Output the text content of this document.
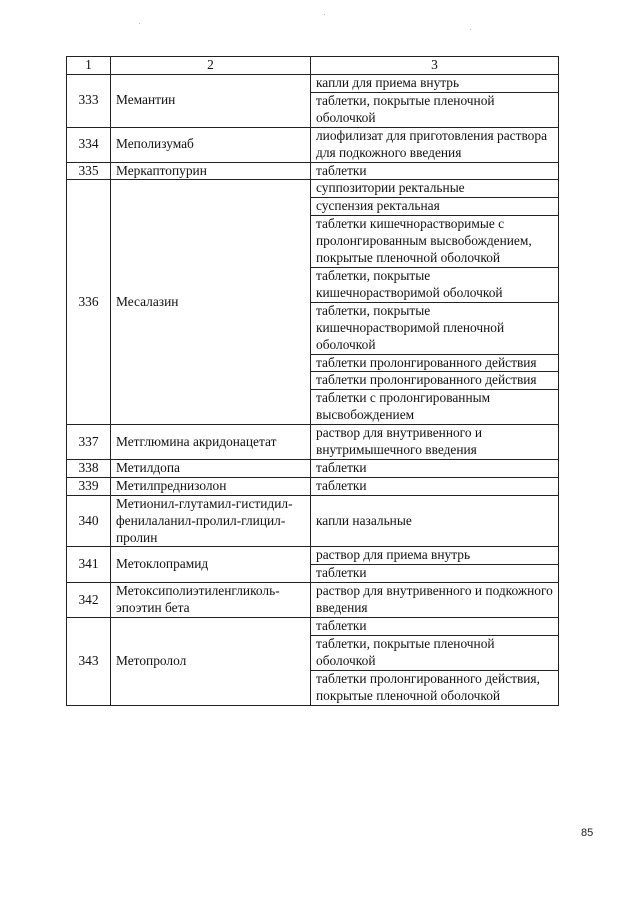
1	2	3
333	Мемантин	капли для приема внутрь
		таблетки, покрытые пленочной оболочкой
334	Меполизумаб	лиофилизат для приготовления раствора для подкожного введения
335	Меркаптопурин	таблетки
336	Месалазин	суппозитории ректальные
		суспензия ректальная
		таблетки кишечнорастворимые с пролонгированным высвобождением, покрытые пленочной оболочкой
		таблетки, покрытые кишечнорастворимой оболочкой
		таблетки, покрытые кишечнорастворимой пленочной оболочкой
		таблетки пролонгированного действия
		таблетки пролонгированного действия
		таблетки с пролонгированным высвобождением
337	Метглюмина акридонацетат	раствор для внутривенного и внутримышечного введения
338	Метилдопа	таблетки
339	Метилпреднизолон	таблетки
340	Метионил-глутамил-гистидил-фенилаланил-пролил-глицил-пролин	капли назальные
341	Метоклопрамид	раствор для приема внутрь
		таблетки
342	Метоксиполиэтиленгликоль-эпоэтин бета	раствор для внутривенного и подкожного введения
343	Метопролол	таблетки
		таблетки, покрытые пленочной оболочкой
		таблетки пролонгированного действия, покрытые пленочной оболочкой
85
